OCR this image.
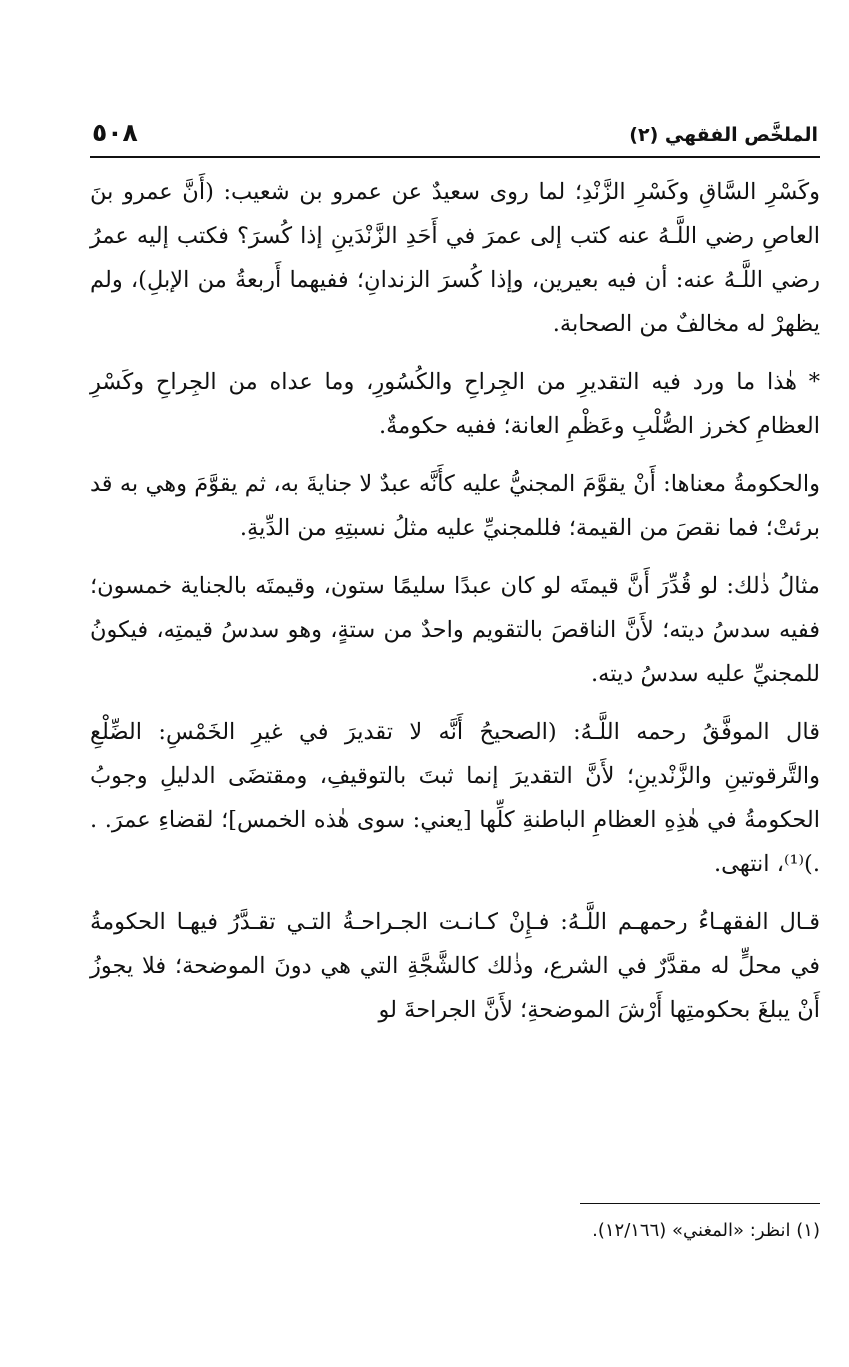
الملخَّص الفقهي (٢)
٥٠٨

وكَسْرِ السَّاقِ وكَسْرِ الزَّنْدِ؛ لما روى سعيدٌ عن عمرو بن شعيب: (أَنَّ عمرو بنَ العاصِ رضي اللَّـهُ عنه كتب إلى عمرَ في أَحَدِ الزَّنْدَينِ إذا كُسرَ؟ فكتب إليه عمرُ رضي اللَّـهُ عنه: أن فيه بعيرين، وإذا كُسرَ الزندانِ؛ ففيهما أَربعةُ من الإبلِ)، ولم يظهرْ له مخالفٌ من الصحابة.

* هٰذا ما ورد فيه التقديرِ من الجِراحِ والكُسُورِ، وما عداه من الجِراحِ وكَسْرِ العظامِ كخرز الصُّلْبِ وعَظْمِ العانة؛ ففيه حكومةٌ.

والحكومةُ معناها: أَنْ يقوَّمَ المجنيُّ عليه كأَنَّه عبدٌ لا جنايةَ به، ثم يقوَّمَ وهي به قد برئتْ؛ فما نقصَ من القيمة؛ فللمجنيِّ عليه مثلُ نسبتِهِ من الدِّيةِ.

مثالُ ذٰلك: لو قُدِّرَ أَنَّ قيمتَه لو كان عبدًا سليمًا ستون، وقيمتَه بالجناية خمسون؛ ففيه سدسُ ديته؛ لأَنَّ الناقصَ بالتقويم واحدٌ من ستةٍ، وهو سدسُ قيمتِه، فيكونُ للمجنيِّ عليه سدسُ ديته.

قال الموفَّقُ رحمه اللَّـهُ: (الصحيحُ أَنَّه لا تقديرَ في غيرِ الخَمْسِ: الضِّلْعِ والتَّرقوتينِ والزَّنْدينِ؛ لأَنَّ التقديرَ إنما ثبتَ بالتوقيفِ، ومقتضَى الدليلِ وجوبُ الحكومةُ في هٰذِهِ العظامِ الباطنةِ كلِّها [يعني: سوى هٰذه الخمس]؛ لقضاءِ عمرَ. . .)⁽¹⁾، انتهى.

قـال الفقهـاءُ رحمهـم اللَّـهُ: فـإِنْ كـانـت الجـراحـةُ التـي تقـدَّرُ فيهـا الحكومةُ في محلٍّ له مقدَّرٌ في الشرع، وذٰلك كالشَّجَّةِ التي هي دونَ الموضحة؛ فلا يجوزُ أَنْ يبلغَ بحكومتِها أَرْشَ الموضحةِ؛ لأَنَّ الجراحةَ لو

(١) انظر: «المغني» (١٢/١٦٦).
